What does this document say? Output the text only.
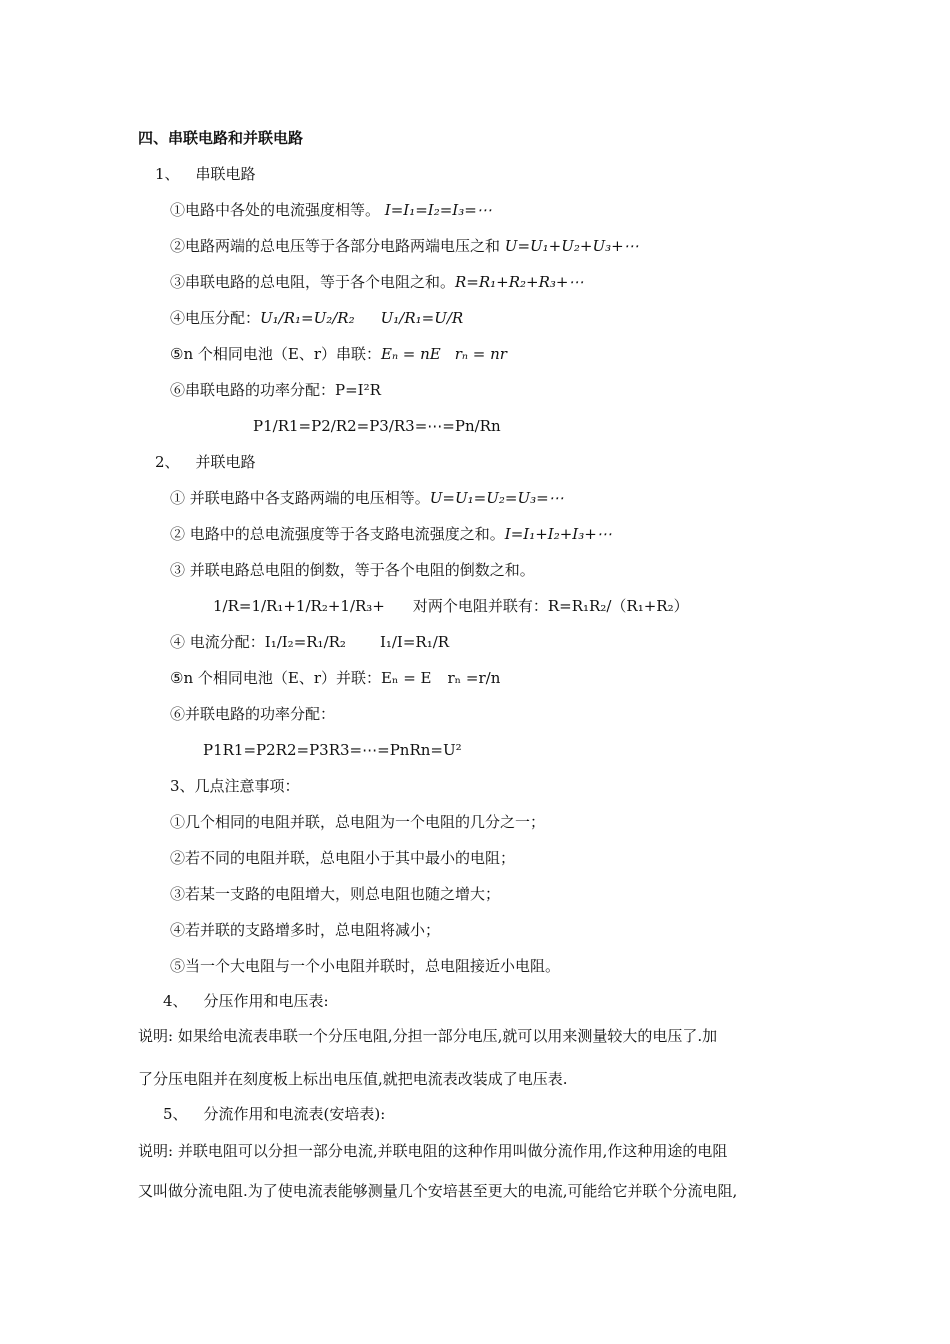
四、串联电路和并联电路
1、 串联电路
①电路中各处的电流强度相等。 I=I₁=I₂=I₃=⋯
②电路两端的总电压等于各部分电路两端电压之和 U=U₁+U₂+U₃+⋯
③串联电路的总电阻，等于各个电阻之和。R=R₁+R₂+R₃+⋯
④电压分配：U₁/R₁=U₂/R₂ U₁/R₁=U/R
⑤n 个相同电池（E、r）串联：Eₙ = nE rₙ = nr
⑥串联电路的功率分配：P=I²R
P1/R1=P2/R2=P3/R3=⋯=Pn/Rn
2、 并联电路
① 并联电路中各支路两端的电压相等。U=U₁=U₂=U₃=⋯
② 电路中的总电流强度等于各支路电流强度之和。I=I₁+I₂+I₃+⋯
③ 并联电路总电阻的倒数，等于各个电阻的倒数之和。
1/R=1/R₁+1/R₂+1/R₃+ 对两个电阻并联有：R=R₁R₂/（R₁+R₂）
④ 电流分配：I₁/I₂=R₁/R₂ I₁/I=R₁/R
⑤n 个相同电池（E、r）并联：Eₙ = E rₙ =r/n
⑥并联电路的功率分配：
P1R1=P2R2=P3R3=⋯=PnRn=U²
3、几点注意事项：
①几个相同的电阻并联，总电阻为一个电阻的几分之一；
②若不同的电阻并联，总电阻小于其中最小的电阻；
③若某一支路的电阻增大，则总电阻也随之增大；
④若并联的支路增多时，总电阻将减小；
⑤当一个大电阻与一个小电阻并联时，总电阻接近小电阻。
4、 分压作用和电压表:
说明: 如果给电流表串联一个分压电阻,分担一部分电压,就可以用来测量较大的电压了.加
了分压电阻并在刻度板上标出电压值,就把电流表改装成了电压表.
5、 分流作用和电流表(安培表):
说明: 并联电阻可以分担一部分电流,并联电阻的这种作用叫做分流作用,作这种用途的电阻
又叫做分流电阻.为了使电流表能够测量几个安培甚至更大的电流,可能给它并联个分流电阻,
